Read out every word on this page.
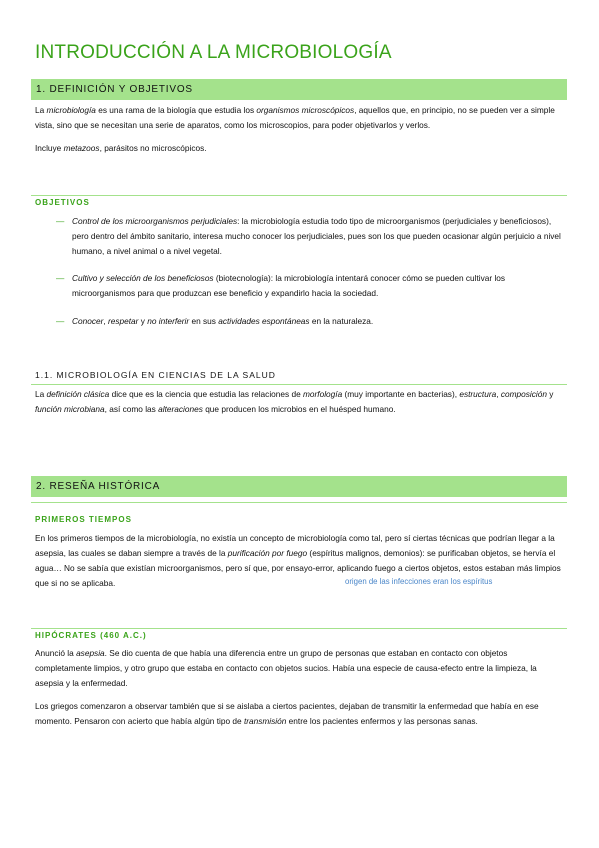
INTRODUCCIÓN A LA MICROBIOLOGÍA
1. DEFINICIÓN Y OBJETIVOS
La microbiología es una rama de la biología que estudia los organismos microscópicos, aquellos que, en principio, no se pueden ver a simple vista, sino que se necesitan una serie de aparatos, como los microscopios, para poder objetivarlos y verlos.
Incluye metazoos, parásitos no microscópicos.
OBJETIVOS
— Control de los microorganismos perjudiciales: la microbiología estudia todo tipo de microorganismos (perjudiciales y beneficiosos), pero dentro del ámbito sanitario, interesa mucho conocer los perjudiciales, pues son los que pueden ocasionar algún perjuicio a nivel humano, a nivel animal o a nivel vegetal.
— Cultivo y selección de los beneficiosos (biotecnología): la microbiología intentará conocer cómo se pueden cultivar los microorganismos para que produzcan ese beneficio y expandirlo hacia la sociedad.
— Conocer, respetar y no interferir en sus actividades espontáneas en la naturaleza.
1.1. MICROBIOLOGÍA EN CIENCIAS DE LA SALUD
La definición clásica dice que es la ciencia que estudia las relaciones de morfología (muy importante en bacterias), estructura, composición y función microbiana, así como las alteraciones que producen los microbios en el huésped humano.
2. RESEÑA HISTÓRICA
PRIMEROS TIEMPOS
En los primeros tiempos de la microbiología, no existía un concepto de microbiología como tal, pero sí ciertas técnicas que podrían llegar a la asepsia, las cuales se daban siempre a través de la purificación por fuego (espíritus malignos, demonios): se purificaban objetos, se hervía el agua… No se sabía que existían microorganismos, pero sí que, por ensayo-error, aplicando fuego a ciertos objetos, estos estaban más limpios que si no se aplicaba.	origen de las infecciones eran los espíritus
HIPÓCRATES (460 A.C.)
Anunció la asepsia. Se dio cuenta de que había una diferencia entre un grupo de personas que estaban en contacto con objetos completamente limpios, y otro grupo que estaba en contacto con objetos sucios. Había una especie de causa-efecto entre la limpieza, la asepsia y la enfermedad.
Los griegos comenzaron a observar también que si se aislaba a ciertos pacientes, dejaban de transmitir la enfermedad que había en ese momento. Pensaron con acierto que había algún tipo de transmisión entre los pacientes enfermos y las personas sanas.
